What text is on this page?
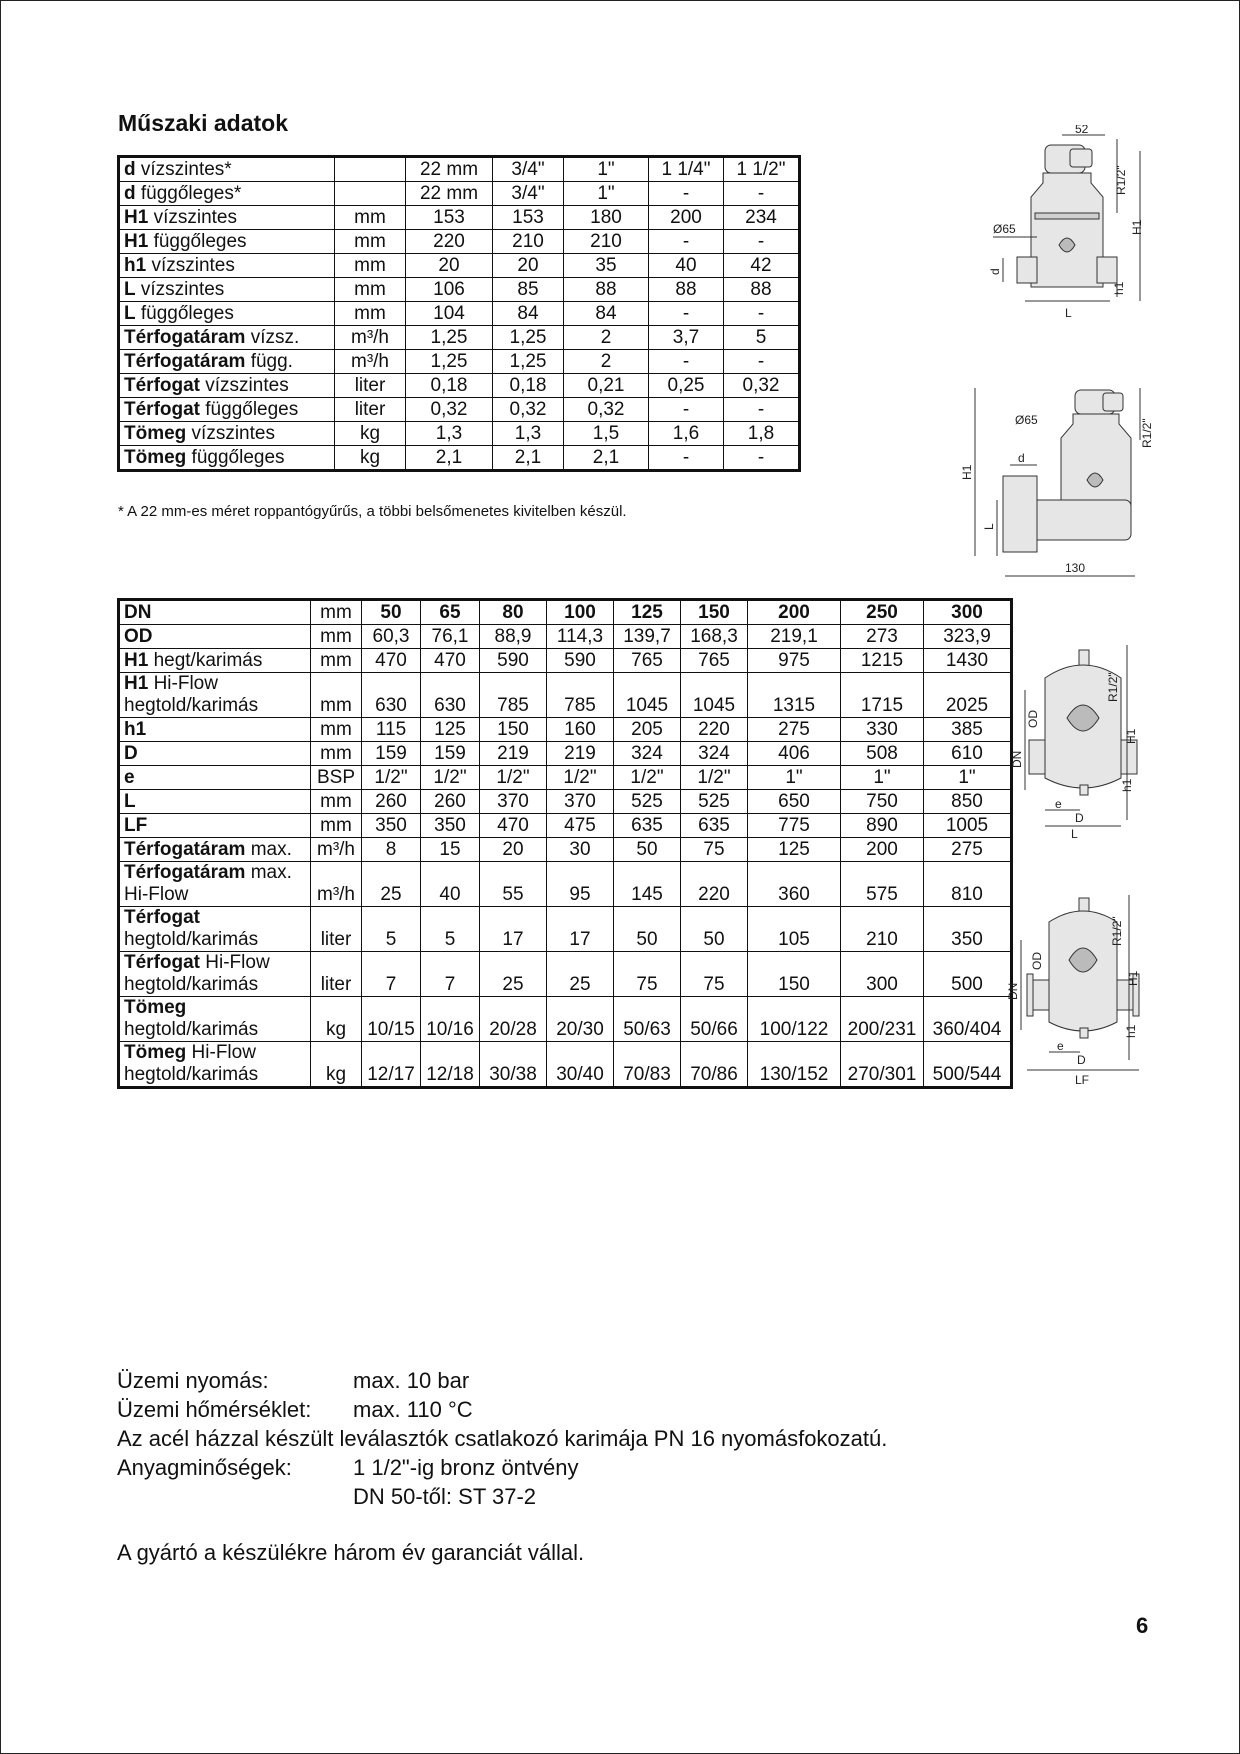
Műszaki adatok
d vízszintes*		22 mm	3/4"	1"	1 1/4"	1 1/2"
d függőleges*		22 mm	3/4"	1"	-	-
H1 vízszintes	mm	153	153	180	200	234
H1 függőleges	mm	220	210	210	-	-
h1 vízszintes	mm	20	20	35	40	42
L vízszintes	mm	106	85	88	88	88
L függőleges	mm	104	84	84	-	-
Térfogatáram vízsz.	m³/h	1,25	1,25	2	3,7	5
Térfogatáram függ.	m³/h	1,25	1,25	2	-	-
Térfogat vízszintes	liter	0,18	0,18	0,21	0,25	0,32
Térfogat függőleges	liter	0,32	0,32	0,32	-	-
Tömeg vízszintes	kg	1,3	1,3	1,5	1,6	1,8
Tömeg függőleges	kg	2,1	2,1	2,1	-	-
* A 22 mm-es méret roppantógyűrűs, a többi belsőmenetes kivitelben készül.
DN	mm	50	65	80	100	125	150	200	250	300
OD	mm	60,3	76,1	88,9	114,3	139,7	168,3	219,1	273	323,9
H1 hegt/karimás	mm	470	470	590	590	765	765	975	1215	1430
H1 Hi-Flow
hegtold/karimás	mm	630	630	785	785	1045	1045	1315	1715	2025
h1	mm	115	125	150	160	205	220	275	330	385
D	mm	159	159	219	219	324	324	406	508	610
e	BSP	1/2"	1/2"	1/2"	1/2"	1/2"	1/2"	1"	1"	1"
L	mm	260	260	370	370	525	525	650	750	850
LF	mm	350	350	470	475	635	635	775	890	1005
Térfogatáram max.	m³/h	8	15	20	30	50	75	125	200	275
Térfogatáram max.
Hi-Flow	m³/h	25	40	55	95	145	220	360	575	810
Térfogat
hegtold/karimás	liter	5	5	17	17	50	50	105	210	350
Térfogat Hi-Flow
hegtold/karimás	liter	7	7	25	25	75	75	150	300	500
Tömeg
hegtold/karimás	kg	10/15	10/16	20/28	20/30	50/63	50/66	100/122	200/231	360/404
Tömeg Hi-Flow
hegtold/karimás	kg	12/17	12/18	30/38	30/40	70/83	70/86	130/152	270/301	500/544
52
Ø65
R1/2"
H1
d
h1
L
Ø65	R1/2"
H1
d
L
130
R1/2"
H1
OD
DN
h1
e
D
L
R1/2"
H1
OD
DN
h1
e
D
LF
Üzemi nyomás:	max. 10 bar
Üzemi hőmérséklet:	max. 110 °C
Az acél házzal készült leválasztók csatlakozó karimája PN 16 nyomásfokozatú.
Anyagminőségek:	1 1/2"-ig bronz öntvény
DN 50-től: ST 37-2
A gyártó a készülékre három év garanciát vállal.
6
